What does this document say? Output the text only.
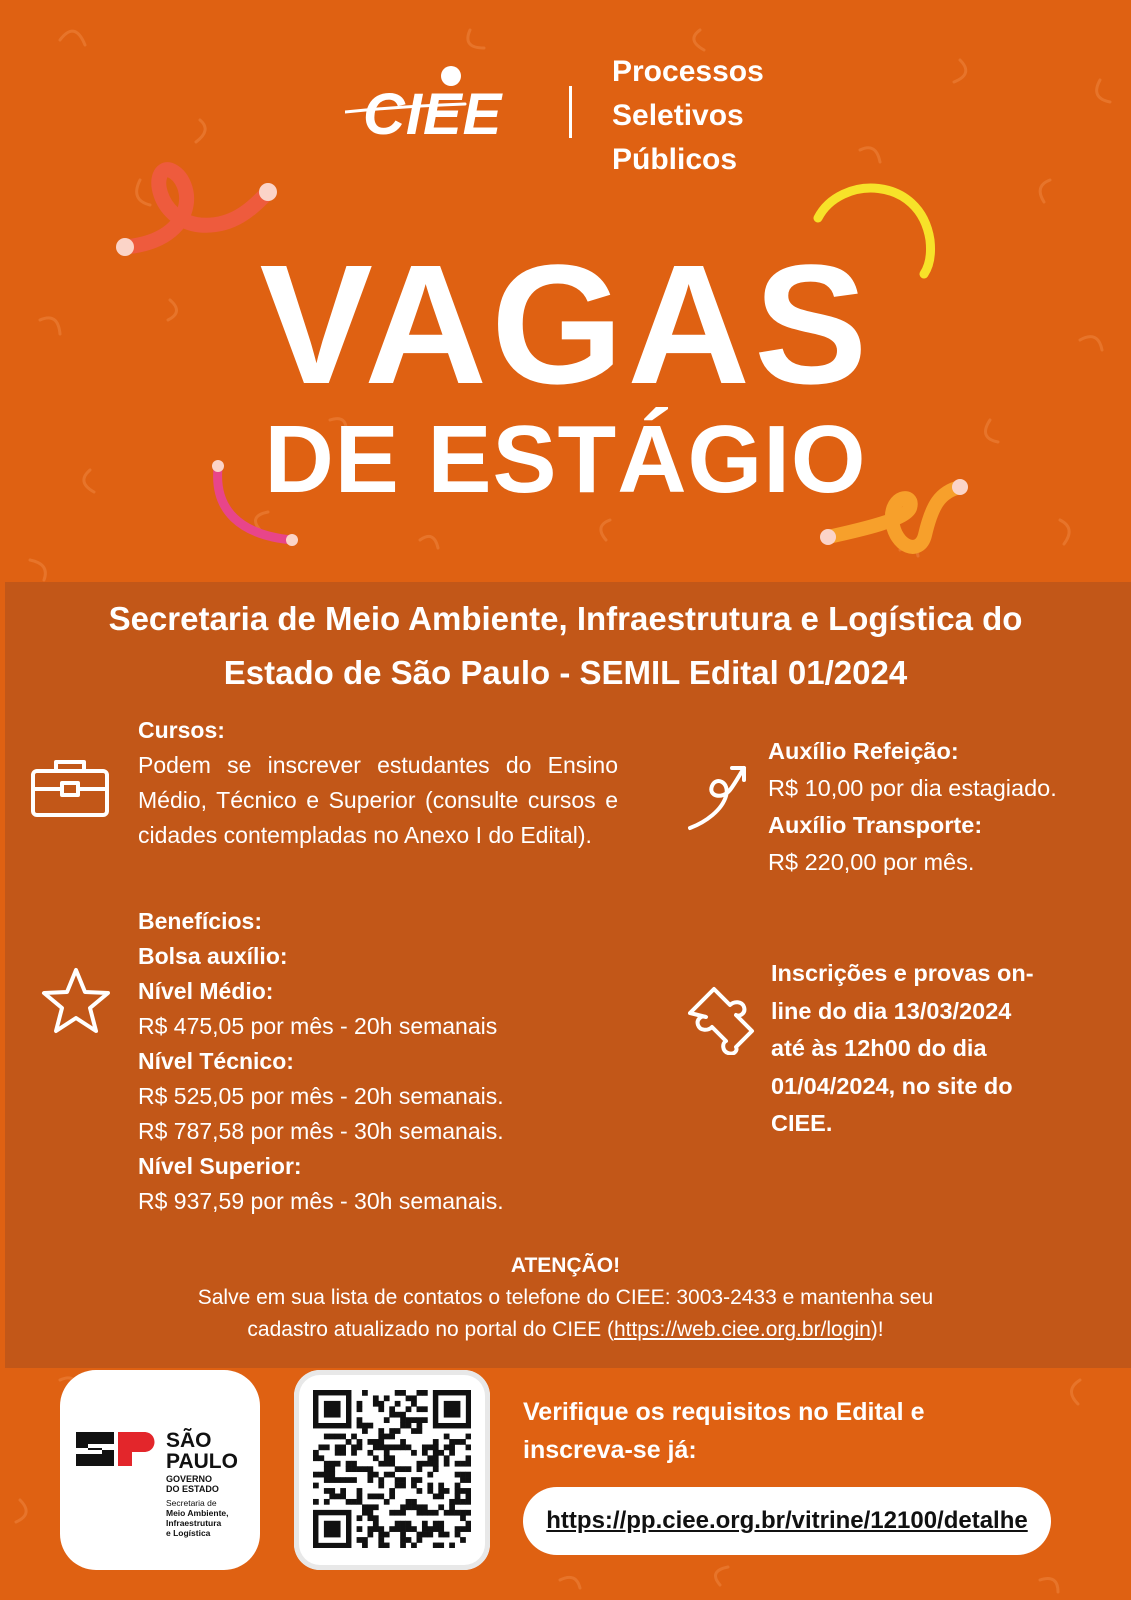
CIEE
Processos
Seletivos
Públicos
VAGAS
DE ESTÁGIO
Secretaria de Meio Ambiente, Infraestrutura e Logística do
Estado de São Paulo - SEMIL Edital 01/2024
Cursos:
Podem se inscrever estudantes do Ensino Médio, Técnico e Superior (consulte cursos e cidades contempladas no Anexo I do Edital).
Benefícios:
Bolsa auxílio:
Nível Médio:
R$ 475,05 por mês - 20h semanais
Nível Técnico:
R$ 525,05 por mês - 20h semanais.
R$ 787,58 por mês - 30h semanais.
Nível Superior:
R$ 937,59 por mês - 30h semanais.
Auxílio Refeição:
R$ 10,00 por dia estagiado.
Auxílio Transporte:
R$ 220,00 por mês.
Inscrições e provas on-
line do dia 13/03/2024
até às 12h00 do dia
01/04/2024, no site do
CIEE.
ATENÇÃO!
Salve em sua lista de contatos o telefone do CIEE: 3003-2433 e mantenha seu
cadastro atualizado no portal do CIEE (https://web.ciee.org.br/login)!
SÃO
PAULO
GOVERNO
DO ESTADO
Secretaria de
Meio Ambiente,
Infraestrutura
e Logística
Verifique os requisitos no Edital e
inscreva-se já:
https://pp.ciee.org.br/vitrine/12100/detalhe
